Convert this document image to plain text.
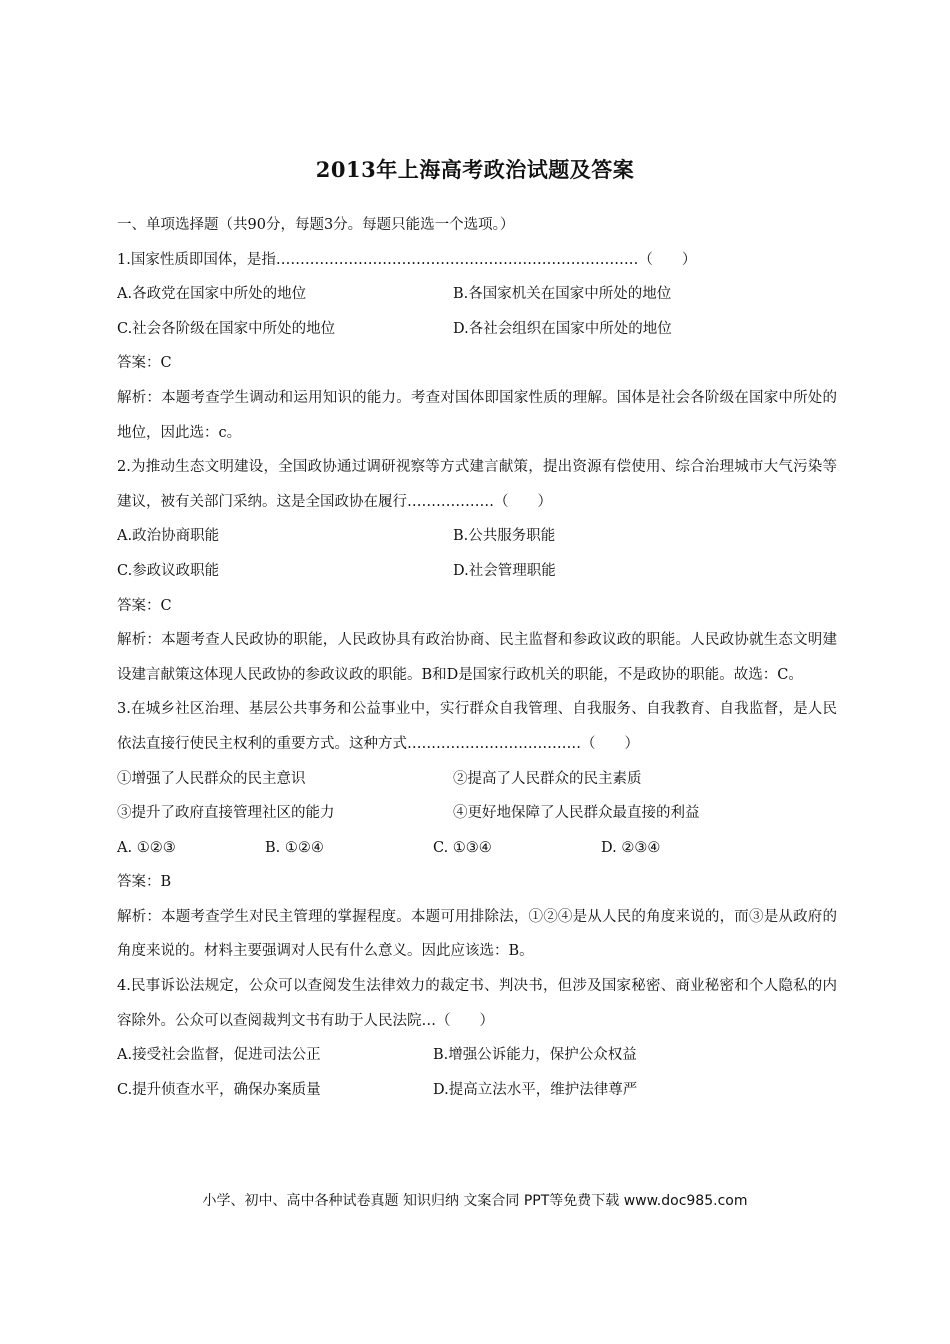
2013年上海高考政治试题及答案
一、单项选择题（共90分，每题3分。每题只能选一个选项。）
1.国家性质即国体，是指…………………………………………………………………（　　）
A.各政党在国家中所处的地位	B.各国家机关在国家中所处的地位
C.社会各阶级在国家中所处的地位	D.各社会组织在国家中所处的地位
答案：C
解析：本题考查学生调动和运用知识的能力。考查对国体即国家性质的理解。国体是社会各阶级在国家中所处的地位，因此选：c。
2.为推动生态文明建设，全国政协通过调研视察等方式建言献策，提出资源有偿使用、综合治理城市大气污染等建议，被有关部门采纳。这是全国政协在履行………………（　　）
A.政治协商职能	B.公共服务职能
C.参政议政职能	D.社会管理职能
答案：C
解析：本题考查人民政协的职能，人民政协具有政治协商、民主监督和参政议政的职能。人民政协就生态文明建设建言献策这体现人民政协的参政议政的职能。B和D是国家行政机关的职能，不是政协的职能。故选：C。
3.在城乡社区治理、基层公共事务和公益事业中，实行群众自我管理、自我服务、自我教育、自我监督，是人民依法直接行使民主权利的重要方式。这种方式………………………………（　　）
①增强了人民群众的民主意识	②提高了人民群众的民主素质
③提升了政府直接管理社区的能力	④更好地保障了人民群众最直接的利益
A. ①②③	B. ①②④	C. ①③④	D. ②③④
答案：B
解析：本题考查学生对民主管理的掌握程度。本题可用排除法，①②④是从人民的角度来说的，而③是从政府的角度来说的。材料主要强调对人民有什么意义。因此应该选：B。
4.民事诉讼法规定，公众可以查阅发生法律效力的裁定书、判决书，但涉及国家秘密、商业秘密和个人隐私的内容除外。公众可以查阅裁判文书有助于人民法院…（　　）
A.接受社会监督，促进司法公正	B.增强公诉能力，保护公众权益
C.提升侦查水平，确保办案质量	D.提高立法水平，维护法律尊严
小学、初中、高中各种试卷真题 知识归纳 文案合同 PPT等免费下载 www.doc985.com
